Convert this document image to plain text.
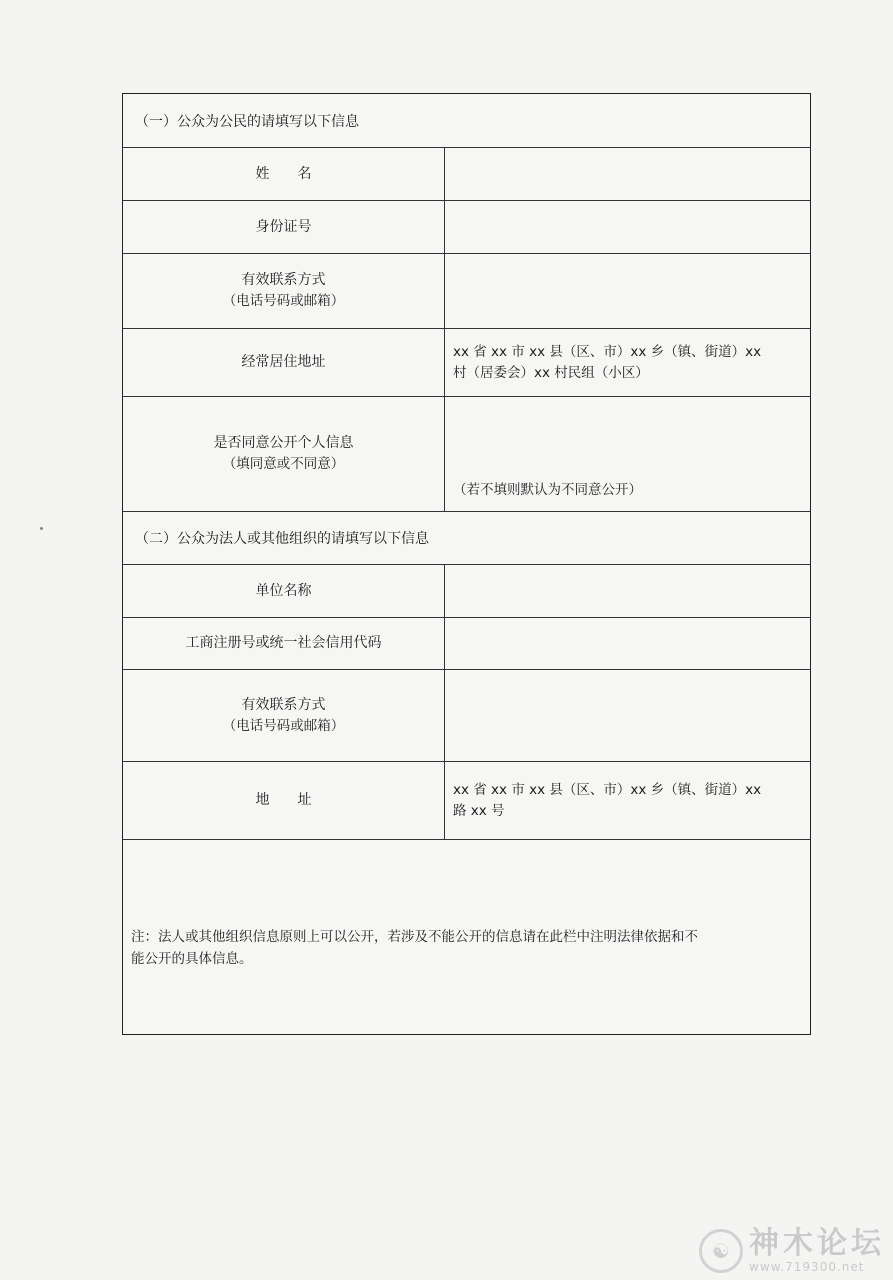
（一）公众为公民的请填写以下信息
姓　　名
身份证号
有效联系方式
（电话号码或邮箱）
经常居住地址
xx 省 xx 市 xx 县（区、市）xx 乡（镇、街道）xx
村（居委会）xx 村民组（小区）
是否同意公开个人信息
（填同意或不同意）
（若不填则默认为不同意公开）
（二）公众为法人或其他组织的请填写以下信息
单位名称
工商注册号或统一社会信用代码
有效联系方式
（电话号码或邮箱）
地　　址
xx 省 xx 市 xx 县（区、市）xx 乡（镇、街道）xx
路 xx 号
注：法人或其他组织信息原则上可以公开，若涉及不能公开的信息请在此栏中注明法律依据和不
能公开的具体信息。
☯ 神木论坛
www.719300.net
